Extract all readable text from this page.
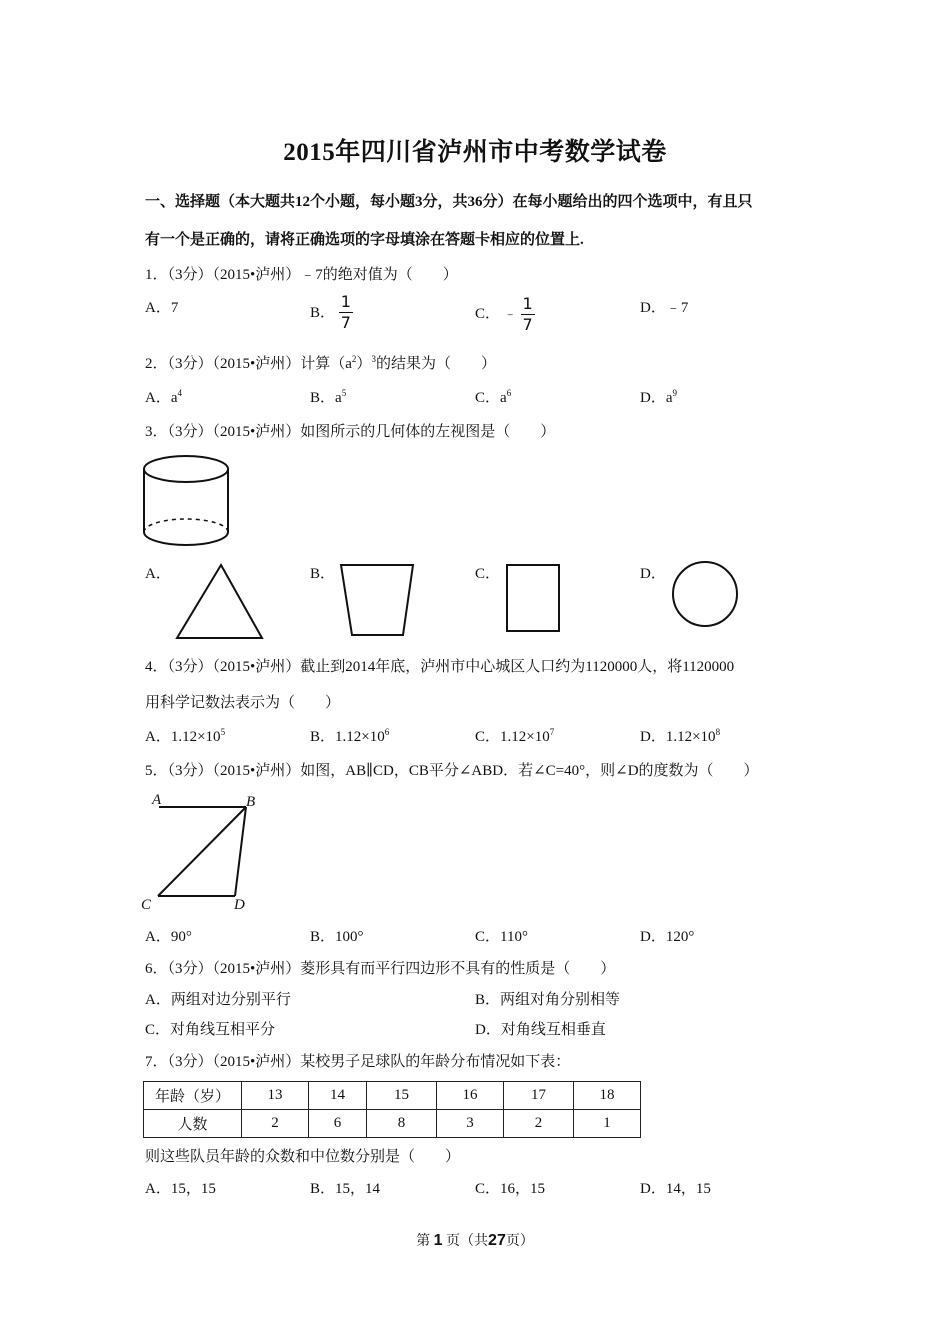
2015年四川省泸州市中考数学试卷
一、选择题（本大题共12个小题，每小题3分，共36分）在每小题给出的四个选项中，有且只
有一个是正确的，请将正确选项的字母填涂在答题卡相应的位置上.
1．（3分）（2015•泸州）﹣7的绝对值为（　　）
A．7	B． $\frac{1}{7}$	C． ﹣ $\frac{1}{7}$	D．﹣7
2．（3分）（2015•泸州）计算$(a^2)^3$的结果为（　　）
A．$a^4$	B．$a^5$	C．$a^6$	D．$a^9$
3．（3分）（2015•泸州）如图所示的几何体的左视图是（　　）
A．	B．	C．	D．
4．（3分）（2015•泸州）截止到2014年底，泸州市中心城区人口约为1120000人，将1120000
用科学记数法表示为（　　）
A．$1.12\times 10^5$	B．$1.12\times 10^6$	C．$1.12\times 10^7$	D．$1.12\times 10^8$
5．（3分）（2015•泸州）如图，AB∥CD，CB平分∠ABD．若∠C=40°，则∠D的度数为（　　）
A	B
C	D
A．90°	B．100°	C．110°	D．120°
6．（3分）（2015•泸州）菱形具有而平行四边形不具有的性质是（　　）
A．两组对边分别平行	B．两组对角分别相等
C．对角线互相平分	D．对角线互相垂直
7．（3分）（2015•泸州）某校男子足球队的年龄分布情况如下表：
年龄（岁）	13	14	15	16	17	18
人数	2	6	8	3	2	1
则这些队员年龄的众数和中位数分别是（　　）
A．15，15	B．15，14	C．16，15	D．14，15
第 1 页（共27页）
